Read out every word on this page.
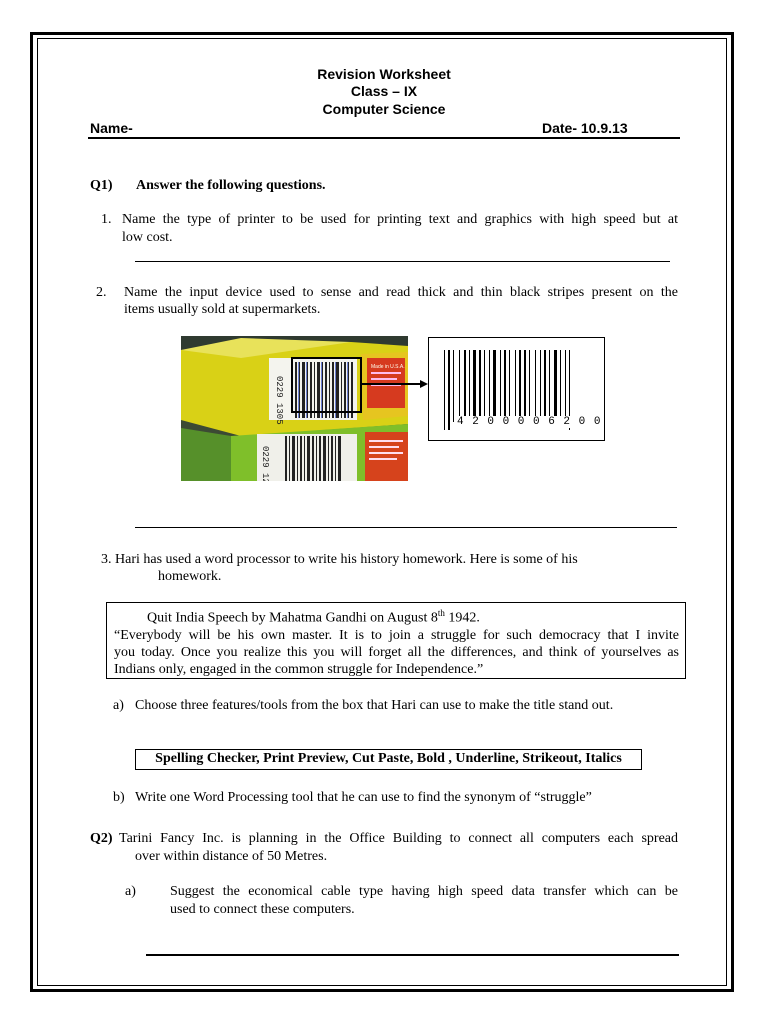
Revision Worksheet
Class – IX
Computer Science
Name-	Date- 10.9.13
Q1) Answer the following questions.
1. Name the type of printer to be used for printing text and graphics with high speed but at
low cost.
2. Name the input device used to sense and read thick and thin black stripes present on the
items usually sold at supermarkets.
Made in U.S.A.
0229 1305
0229 1208
4 2 0 0 0 0 6 2 0 0
3. Hari has used a word processor to write his history homework. Here is some of his
homework.
Quit India Speech by Mahatma Gandhi on August 8th 1942.
“Everybody will be his own master. It is to join a struggle for such democracy that I invite
you today. Once you realize this you will forget all the differences, and think of yourselves as
Indians only, engaged in the common struggle for Independence.”
a) Choose three features/tools from the box that Hari can use to make the title stand out.
Spelling Checker, Print Preview, Cut Paste, Bold , Underline, Strikeout, Italics
b) Write one Word Processing tool that he can use to find the synonym of “struggle”
Q2) Tarini Fancy Inc. is planning in the Office Building to connect all computers each spread
over within distance of 50 Metres.
a) Suggest the economical cable type having high speed data transfer which can be
used to connect these computers.
